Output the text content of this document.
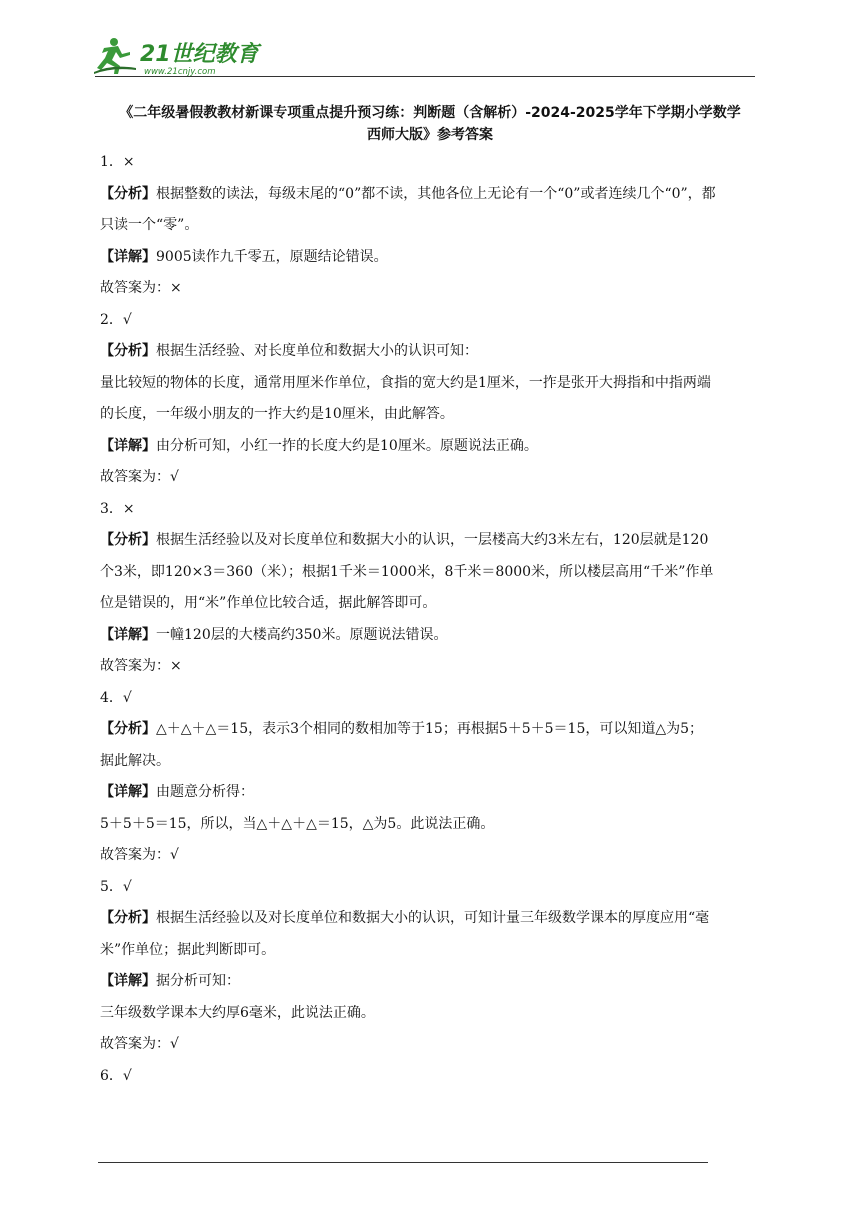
21世纪教育
www.21cnjy.com
《二年级暑假教教材新课专项重点提升预习练：判断题（含解析）-2024-2025学年下学期小学数学
西师大版》参考答案

1．×

【分析】根据整数的读法，每级末尾的“0”都不读，其他各位上无论有一个“0”或者连续几个“0”，都

只读一个“零”。

【详解】9005读作九千零五，原题结论错误。

故答案为：×

2．√

【分析】根据生活经验、对长度单位和数据大小的认识可知：

量比较短的物体的长度，通常用厘米作单位，食指的宽大约是1厘米，一拃是张开大拇指和中指两端

的长度，一年级小朋友的一拃大约是10厘米，由此解答。

【详解】由分析可知，小红一拃的长度大约是10厘米。原题说法正确。

故答案为：√

3．×

【分析】根据生活经验以及对长度单位和数据大小的认识，一层楼高大约3米左右，120层就是120

个3米，即120×3＝360（米）；根据1千米＝1000米，8千米＝8000米，所以楼层高用“千米”作单

位是错误的，用“米”作单位比较合适，据此解答即可。

【详解】一幢120层的大楼高约350米。原题说法错误。

故答案为：×

4．√

【分析】△＋△＋△＝15，表示3个相同的数相加等于15；再根据5＋5＋5＝15，可以知道△为5；

据此解决。

【详解】由题意分析得：

5＋5＋5＝15，所以，当△＋△＋△＝15，△为5。此说法正确。

故答案为：√

5．√

【分析】根据生活经验以及对长度单位和数据大小的认识，可知计量三年级数学课本的厚度应用“毫

米”作单位；据此判断即可。

【详解】据分析可知：

三年级数学课本大约厚6毫米，此说法正确。

故答案为：√

6．√
